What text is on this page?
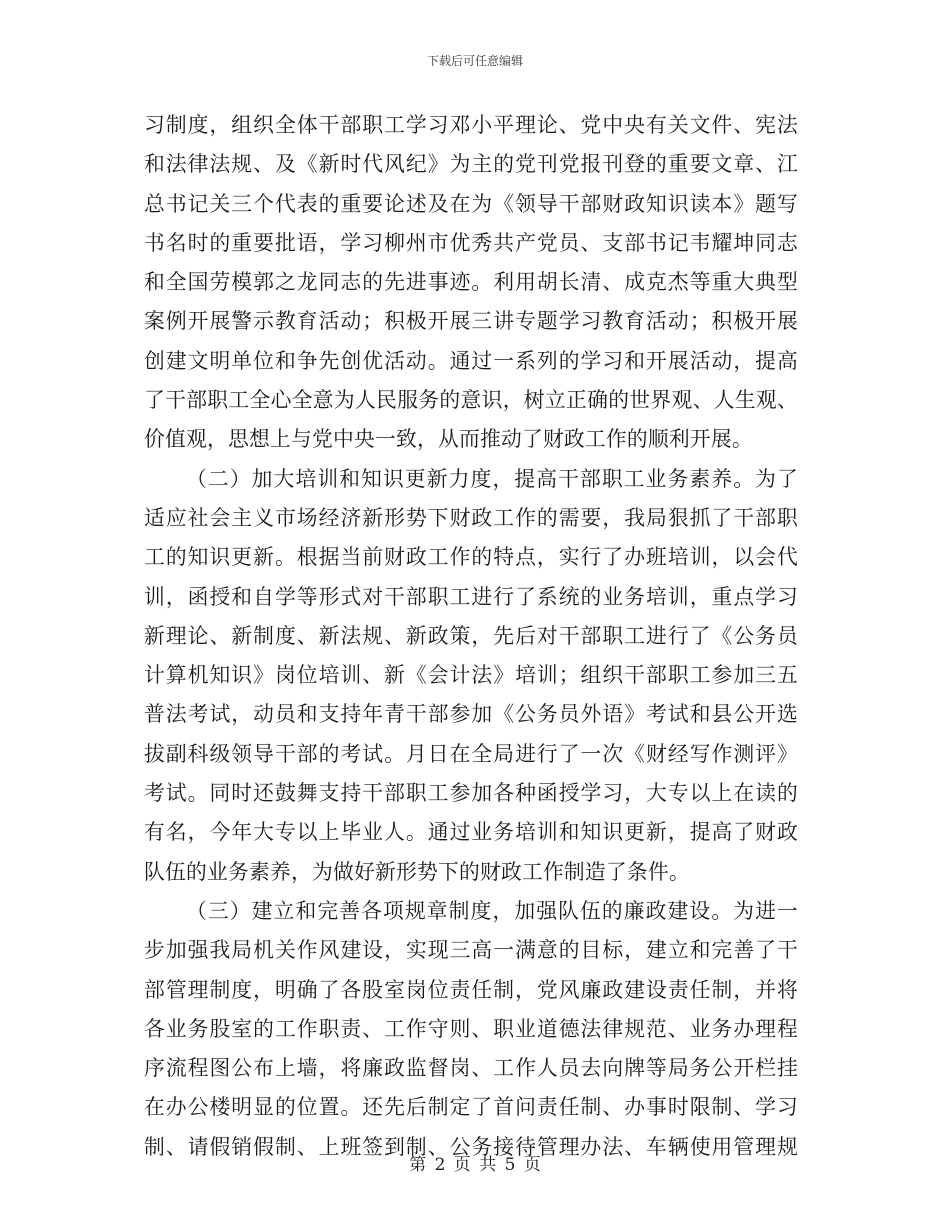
下载后可任意编辑
习制度，组织全体干部职工学习邓小平理论、党中央有关文件、宪法
和法律法规、及《新时代风纪》为主的党刊党报刊登的重要文章、江
总书记关三个代表的重要论述及在为《领导干部财政知识读本》题写
书名时的重要批语，学习柳州市优秀共产党员、支部书记韦耀坤同志
和全国劳模郭之龙同志的先进事迹。利用胡长清、成克杰等重大典型
案例开展警示教育活动；积极开展三讲专题学习教育活动；积极开展
创建文明单位和争先创优活动。通过一系列的学习和开展活动，提高
了干部职工全心全意为人民服务的意识，树立正确的世界观、人生观、
价值观，思想上与党中央一致，从而推动了财政工作的顺利开展。
（二）加大培训和知识更新力度，提高干部职工业务素养。为了
适应社会主义市场经济新形势下财政工作的需要，我局狠抓了干部职
工的知识更新。根据当前财政工作的特点，实行了办班培训，以会代
训，函授和自学等形式对干部职工进行了系统的业务培训，重点学习
新理论、新制度、新法规、新政策，先后对干部职工进行了《公务员
计算机知识》岗位培训、新《会计法》培训；组织干部职工参加三五
普法考试，动员和支持年青干部参加《公务员外语》考试和县公开选
拔副科级领导干部的考试。月日在全局进行了一次《财经写作测评》
考试。同时还鼓舞支持干部职工参加各种函授学习，大专以上在读的
有名，今年大专以上毕业人。通过业务培训和知识更新，提高了财政
队伍的业务素养，为做好新形势下的财政工作制造了条件。
（三）建立和完善各项规章制度，加强队伍的廉政建设。为进一
步加强我局机关作风建设，实现三高一满意的目标，建立和完善了干
部管理制度，明确了各股室岗位责任制，党风廉政建设责任制，并将
各业务股室的工作职责、工作守则、职业道德法律规范、业务办理程
序流程图公布上墙，将廉政监督岗、工作人员去向牌等局务公开栏挂
在办公楼明显的位置。还先后制定了首问责任制、办事时限制、学习
制、请假销假制、上班签到制、公务接待管理办法、车辆使用管理规
第 2 页 共 5 页
